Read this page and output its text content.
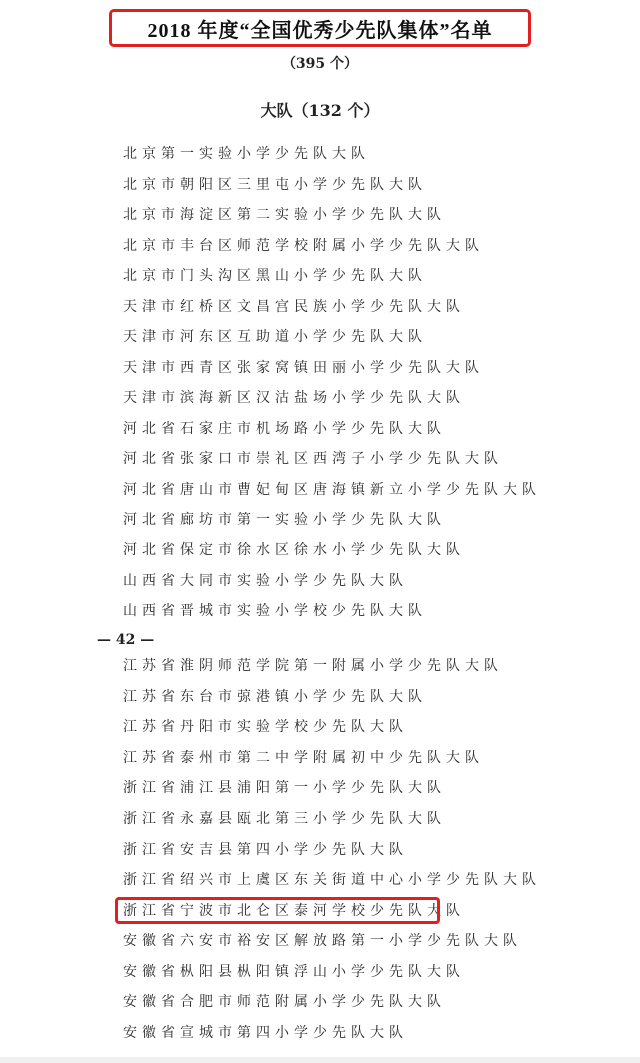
2018 年度“全国优秀少先队集体”名单
（395 个）
大队（132 个）
北京第一实验小学少先队大队
北京市朝阳区三里屯小学少先队大队
北京市海淀区第二实验小学少先队大队
北京市丰台区师范学校附属小学少先队大队
北京市门头沟区黑山小学少先队大队
天津市红桥区文昌宫民族小学少先队大队
天津市河东区互助道小学少先队大队
天津市西青区张家窝镇田丽小学少先队大队
天津市滨海新区汉沽盐场小学少先队大队
河北省石家庄市机场路小学少先队大队
河北省张家口市崇礼区西湾子小学少先队大队
河北省唐山市曹妃甸区唐海镇新立小学少先队大队
河北省廊坊市第一实验小学少先队大队
河北省保定市徐水区徐水小学少先队大队
山西省大同市实验小学少先队大队
山西省晋城市实验小学校少先队大队
江苏省淮阴师范学院第一附属小学少先队大队
江苏省东台市弶港镇小学少先队大队
江苏省丹阳市实验学校少先队大队
江苏省泰州市第二中学附属初中少先队大队
浙江省浦江县浦阳第一小学少先队大队
浙江省永嘉县瓯北第三小学少先队大队
浙江省安吉县第四小学少先队大队
浙江省绍兴市上虞区东关街道中心小学少先队大队
浙江省宁波市北仑区泰河学校少先队大队
安徽省六安市裕安区解放路第一小学少先队大队
安徽省枞阳县枞阳镇浮山小学少先队大队
安徽省合肥市师范附属小学少先队大队
安徽省宣城市第四小学少先队大队
— 42 —
